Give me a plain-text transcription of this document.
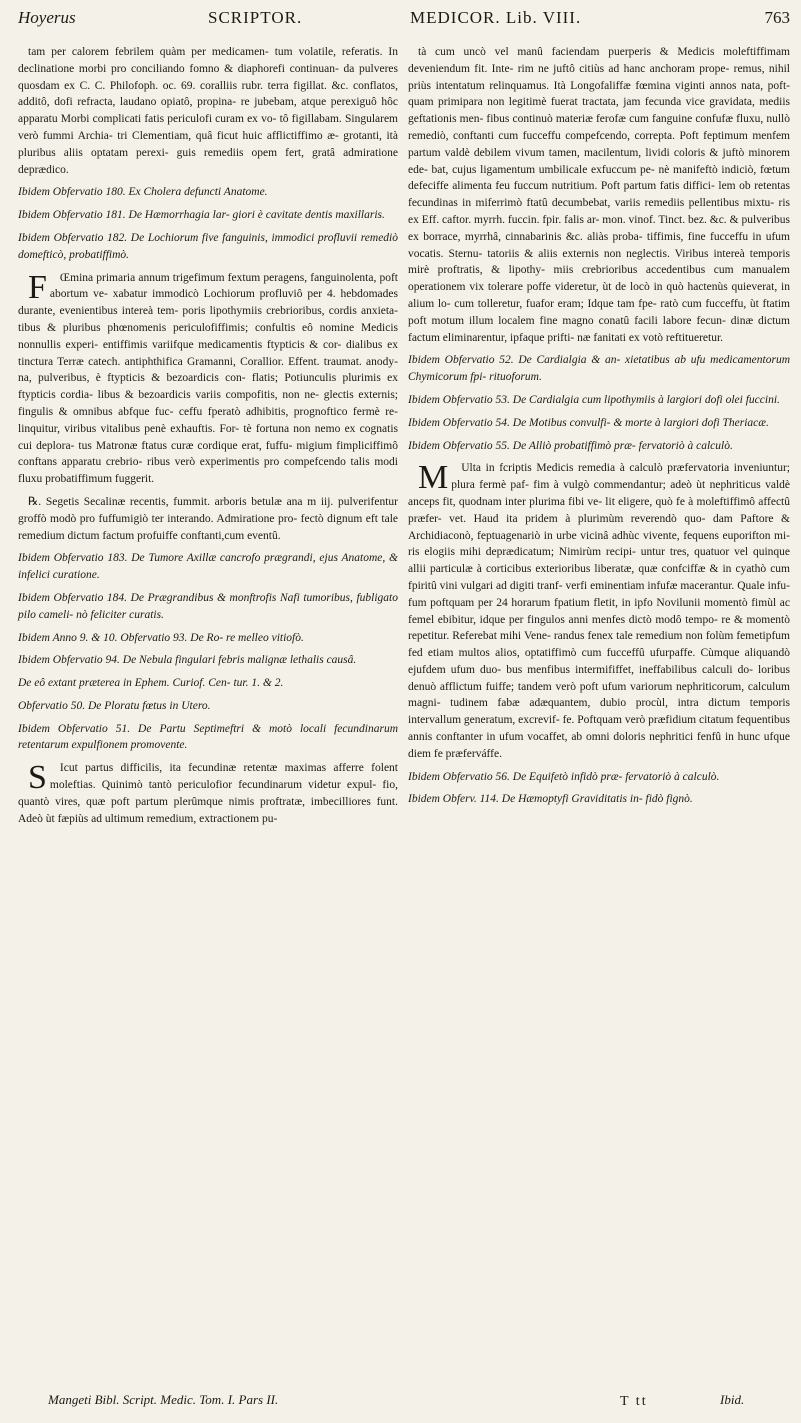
Hoyerus	SCRIPTOR.	MEDICOR. Lib. VIII.	763

tam per calorem febrilem quàm per medicamen- tum volatile, referatis. In declinatione morbi pro conciliando fomno & diaphorefi continuan- da pulveres quosdam ex C. C. Philofoph. oc. 69. coralliis rubr. terra figillat. &c. conflatos, additô, dofi refracta, laudano opiatô, propina- re jubebam, atque perexiguô hôc apparatu Morbi complicati fatis periculofi curam ex vo- tô figillabam. Singularem verò fummi Archia- tri Clementiam, quâ ficut huic afflictiffimo æ- grotanti, ità pluribus aliis optatam perexi- guis remediis opem fert, gratâ admiratione deprædico.

Ibidem Obfervatio 180. Ex Cholera defuncti Anatome.

Ibidem Obfervatio 181. De Hæmorrhagia lar- giori è cavitate dentis maxillaris.

Ibidem Obfervatio 182. De Lochiorum five fanguinis, immodici profluvii remediò domefticò, probatiffimò.

FŒmina primaria annum trigefimum fextum peragens, fanguinolenta, poft abortum ve- xabatur immodicò Lochiorum profluviô per 4. hebdomades durante, evenientibus intereà tem- poris lipothymiis crebrioribus, cordis anxieta- tibus & pluribus phœnomenis periculofiffimis; confultis eô nomine Medicis nonnullis experi- entiffimis variifque medicamentis ftypticis & cor- dialibus ex tinctura Terræ catech. antiphthifica Gramanni, Corallior. Effent. traumat. anody- na, pulveribus, è ftypticis & bezoardicis con- flatis; Potiunculis plurimis ex ftypticis cordia- libus & bezoardicis variis compofitis, non ne- glectis externis; fingulis & omnibus abfque fuc- ceffu fperatò adhibitis, prognoftico fermè re- linquitur, viribus vitalibus penè exhauftis. For- tè fortuna non nemo ex cognatis cui deplora- tus Matronæ ftatus curæ cordique erat, fuffu- migium fimpliciffimô conftans apparatu crebrio- ribus verò experimentis pro compefcendo talis modi fluxu probatiffimum fuggerit.

℞. Segetis Secalinæ recentis, fummit. arboris betulæ ana m iij. pulverifentur groffò modò pro fuffumigiò ter interando. Admiratione pro- fectò dignum eft tale remedium dictum factum profuiffe conftanti,cum eventû.

Ibidem Obfervatio 183. De Tumore Axillæ cancrofo prægrandi, ejus Anatome, & infelici curatione.

Ibidem Obfervatio 184. De Prægrandibus & monftrofis Nafi tumoribus, fubligato pilo cameli- nò feliciter curatis.

Ibidem Anno 9. & 10. Obfervatio 93. De Ro- re melleo vitiofò.

Ibidem Obfervatio 94. De Nebula fingulari febris malignæ lethalis causâ.

De eô extant præterea in Ephem. Curiof. Cen- tur. 1. & 2.

Obfervatio 50. De Ploratu fœtus in Utero.

Ibidem Obfervatio 51. De Partu Septimeftri & motò locali fecundinarum retentarum expulfionem promovente.

SIcut partus difficilis, ita fecundinæ retentæ maximas afferre folent moleftias. Quinimò tantò periculofior fecundinarum videtur expul- fio, quantò vires, quæ poft partum plerûmque nimis proftratæ, imbecilliores funt. Adeò ùt fæpiùs ad ultimum remedium, extractionem pu-

tà cum uncò vel manû faciendam puerperis & Medicis moleftiffimam deveniendum fit. Inte- rim ne juftô citiùs ad hanc anchoram prope- remus, nihil priùs intentatum relinquamus. Ità Longofaliffæ fœmina viginti annos nata, poft- quam primipara non legitimè fuerat tractata, jam fecunda vice gravidata, mediis geftationis men- fibus continuò materiæ ferofæ cum fanguine confufæ fluxu, nullò remediò, conftanti cum fucceffu compefcendo, correpta. Poft feptimum menfem partum valdè debilem vivum tamen, macilentum, lividi coloris & juftò minorem ede- bat, cujus ligamentum umbilicale exfuccum pe- nè manifeftò indiciò, fœtum defeciffe alimenta feu fuccum nutritium. Poft partum fatis diffici- lem ob retentas fecundinas in miferrimò ftatû decumbebat, variis remediis pellentibus mixtu- ris ex Eff. caftor. myrrh. fuccin. fpir. falis ar- mon. vinof. Tinct. bez. &c. & pulveribus ex borrace, myrrhâ, cinnabarinis &c. aliàs proba- tiffimis, fine fucceffu in ufum vocatis. Sternu- tatoriis & aliis externis non neglectis. Viribus intereà temporis mirè proftratis, & lipothy- miis crebrioribus accedentibus cum manualem operationem vix tolerare poffe videretur, ùt de locò in quò hactenùs quieverat, in alium lo- cum tolleretur, fuafor eram; Idque tam fpe- ratò cum fucceffu, ùt ftatim poft motum illum localem fine magno conatû facili labore fecun- dinæ dictum factum eliminarentur, ipfaque prifti- næ fanitati ex votò reftitueretur.

Ibidem Obfervatio 52. De Cardialgia & an- xietatibus ab ufu medicamentorum Chymicorum fpi- rituoforum.

Ibidem Obfervatio 53. De Cardialgia cum lipothymiis à largiori dofi olei fuccini.

Ibidem Obfervatio 54. De Motibus convulfi- & morte à largiori dofi Theriacæ.

Ibidem Obfervatio 55. De Alliò probatiffimò præ- fervatoriò à calculò.

MUlta in fcriptis Medicis remedia à calculò præfervatoria inveniuntur; plura fermè paf- fim à vulgò commendantur; adeò ùt nephriticus valdè anceps fit, quodnam inter plurima fibi ve- lit eligere, quò fe à moleftiffimô affectû præfer- vet. Haud ita pridem à plurimùm reverendò quo- dam Paftore & Archidiaconò, feptuagenariò in urbe vicinâ adhùc vivente, fequens euporifton mi- ris elogiis mihi deprædicatum; Nimirùm recipi- untur tres, quatuor vel quinque allii particulæ à corticibus exterioribus liberatæ, quæ confciffæ & in cyathò cum fpiritû vini vulgari ad digiti tranf- verfi eminentiam infufæ macerantur. Quale infu- fum poftquam per 24 horarum fpatium fletit, in ipfo Novilunii momentò fimùl ac femel ebibitur, idque per fingulos anni menfes dictò modô tempo- re & momentò repetitur. Referebat mihi Vene- randus fenex tale remedium non folùm femetipfum fed etiam multos alios, optatiffimò cum fucceffû ufurpaffe. Cùmque aliquandò ejufdem ufum duo- bus menfibus intermififfet, ineffabilibus calculi do- loribus denuò afflictum fuiffe; tandem verò poft ufum variorum nephriticorum, calculum magni- tudinem fabæ adæquantem, dubio procùl, intra dictum temporis intervallum generatum, excrevif- fe. Poftquam verò præfidium citatum fequentibus annis conftanter in ufum vocaffet, ab omni doloris nephritici fenfû in hunc ufque diem fe præferváffe.

Ibidem Obfervatio 56. De Equifetò infidò præ- fervatoriò à calculò.

Ibidem Obferv. 114. De Hæmoptyfi Graviditatis in- fidò fignò.

Mangeti Bibl. Script. Medic. Tom. I. Pars II.	T tt	Ibid.
